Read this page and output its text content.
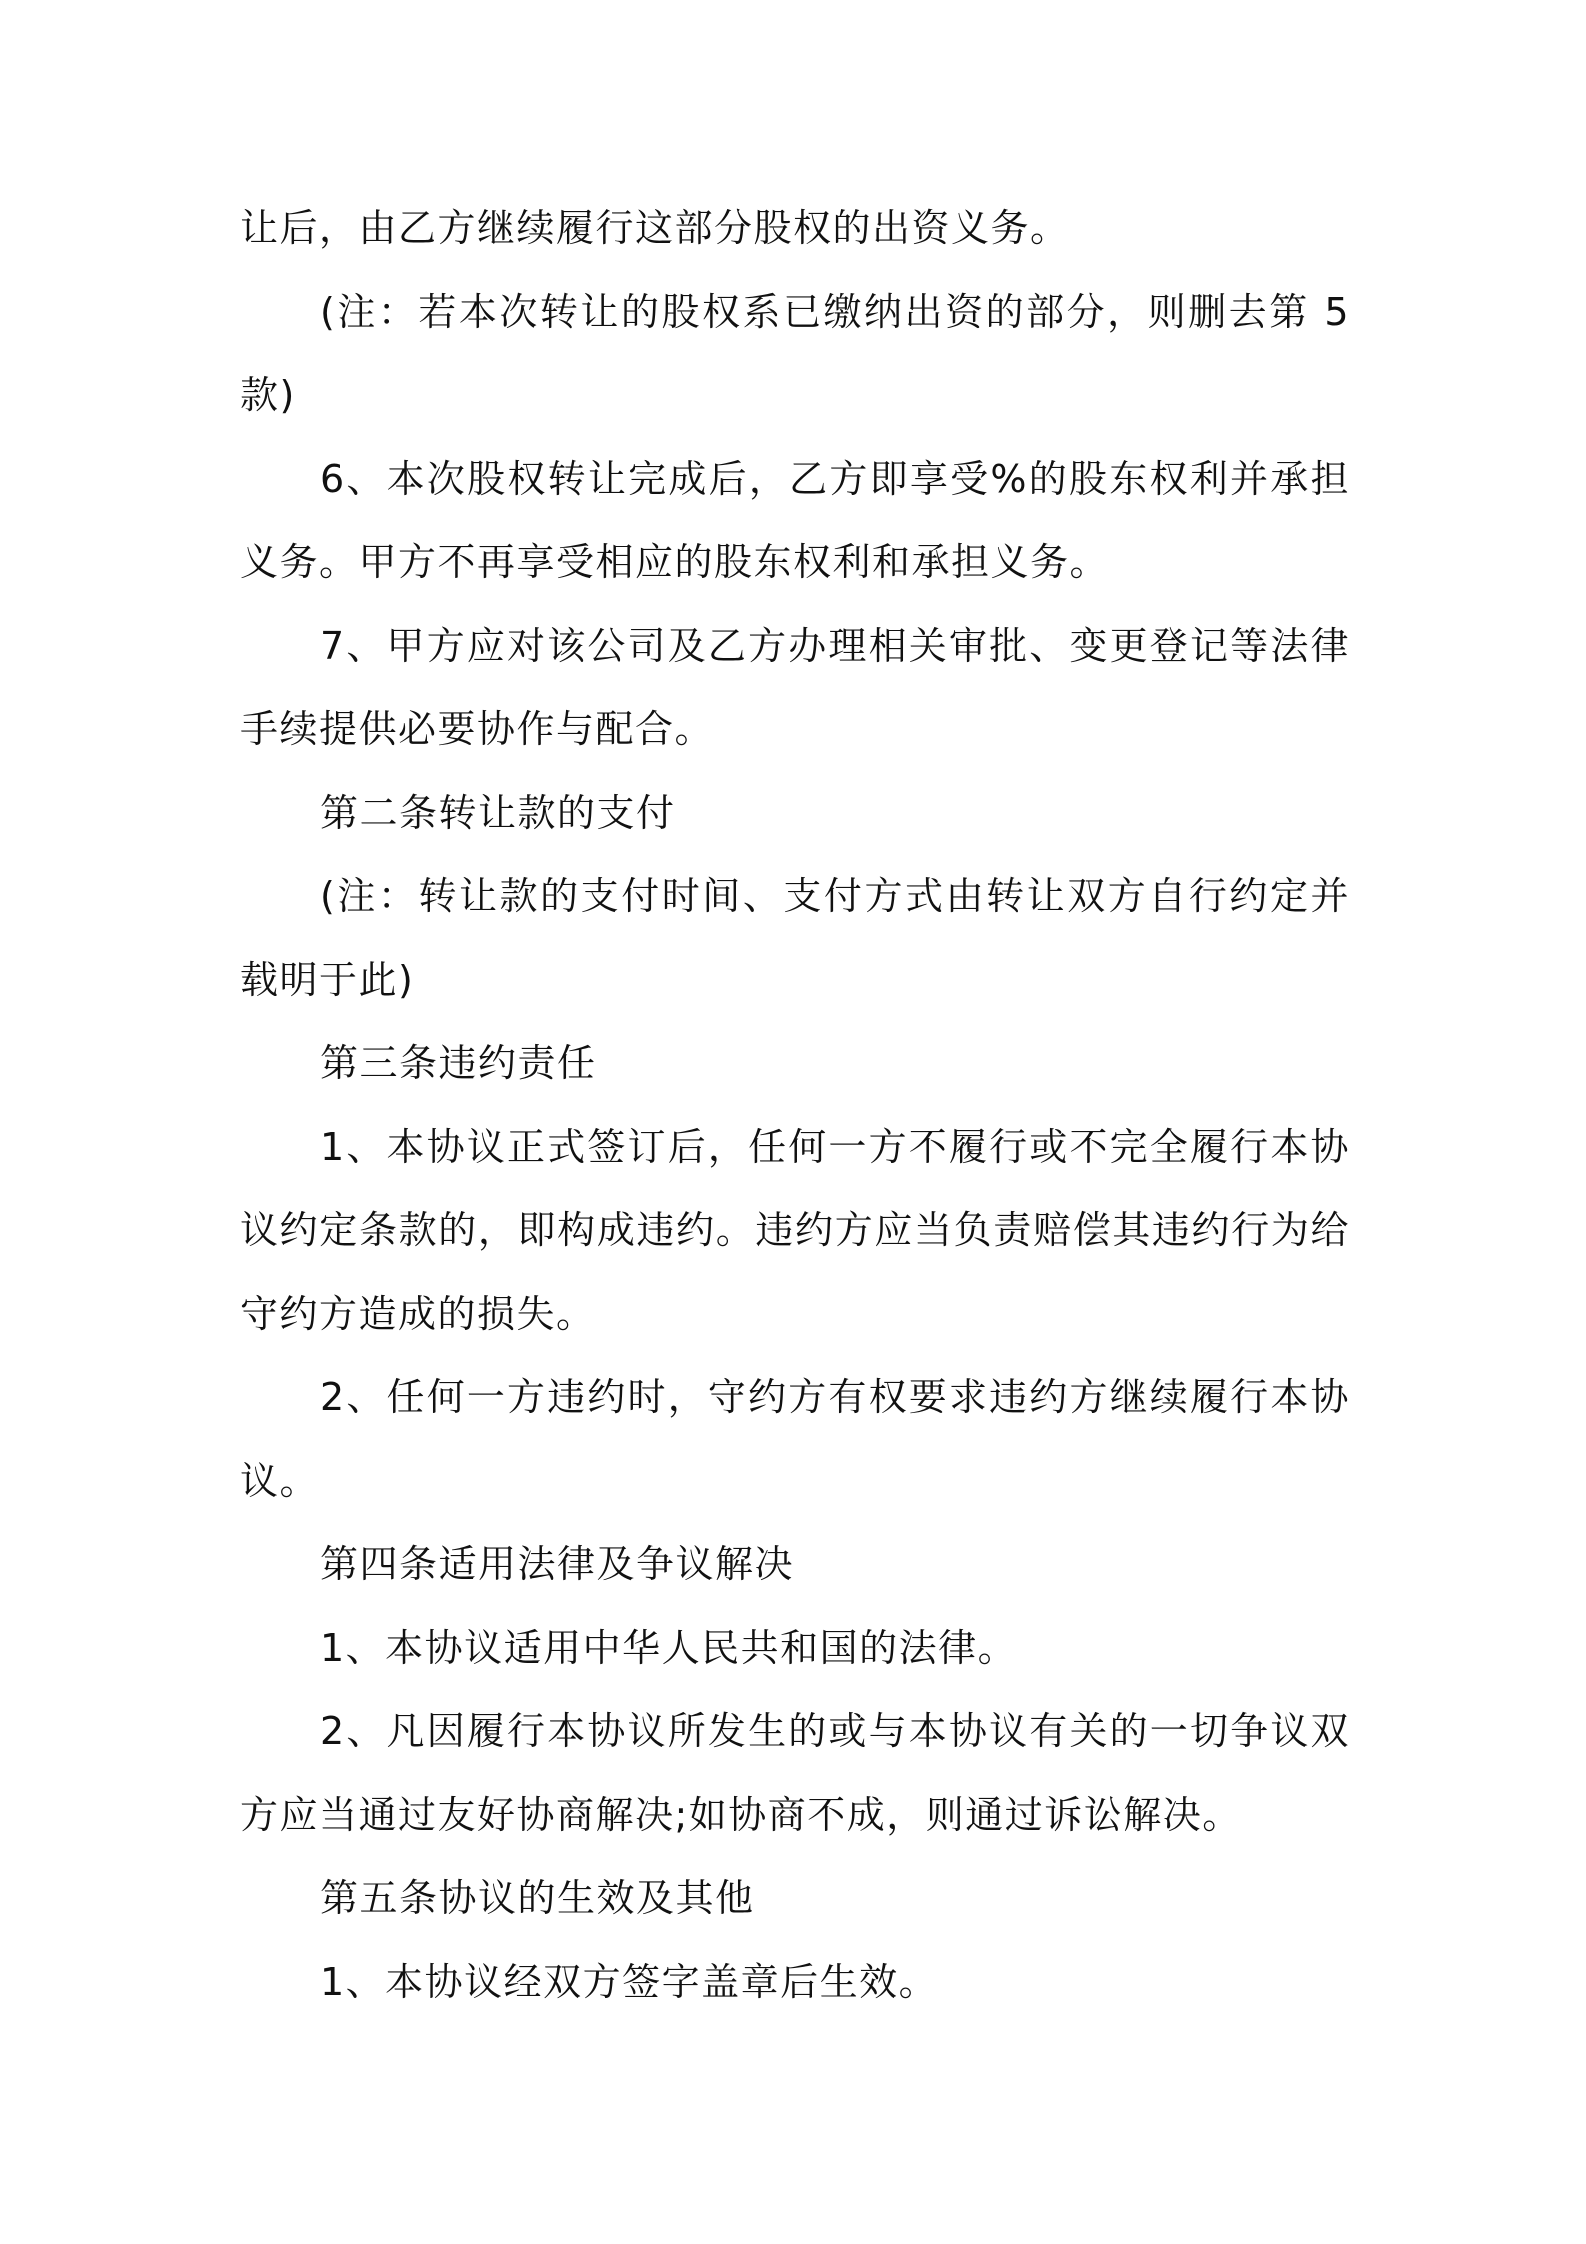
让后，由乙方继续履行这部分股权的出资义务。

(注：若本次转让的股权系已缴纳出资的部分，则删去第 5 款)

6、本次股权转让完成后，乙方即享受%的股东权利并承担义务。甲方不再享受相应的股东权利和承担义务。

7、甲方应对该公司及乙方办理相关审批、变更登记等法律手续提供必要协作与配合。

第二条转让款的支付

(注：转让款的支付时间、支付方式由转让双方自行约定并载明于此)

第三条违约责任

1、本协议正式签订后，任何一方不履行或不完全履行本协议约定条款的，即构成违约。违约方应当负责赔偿其违约行为给守约方造成的损失。

2、任何一方违约时，守约方有权要求违约方继续履行本协议。

第四条适用法律及争议解决

1、本协议适用中华人民共和国的法律。

2、凡因履行本协议所发生的或与本协议有关的一切争议双方应当通过友好协商解决;如协商不成，则通过诉讼解决。

第五条协议的生效及其他

1、本协议经双方签字盖章后生效。
